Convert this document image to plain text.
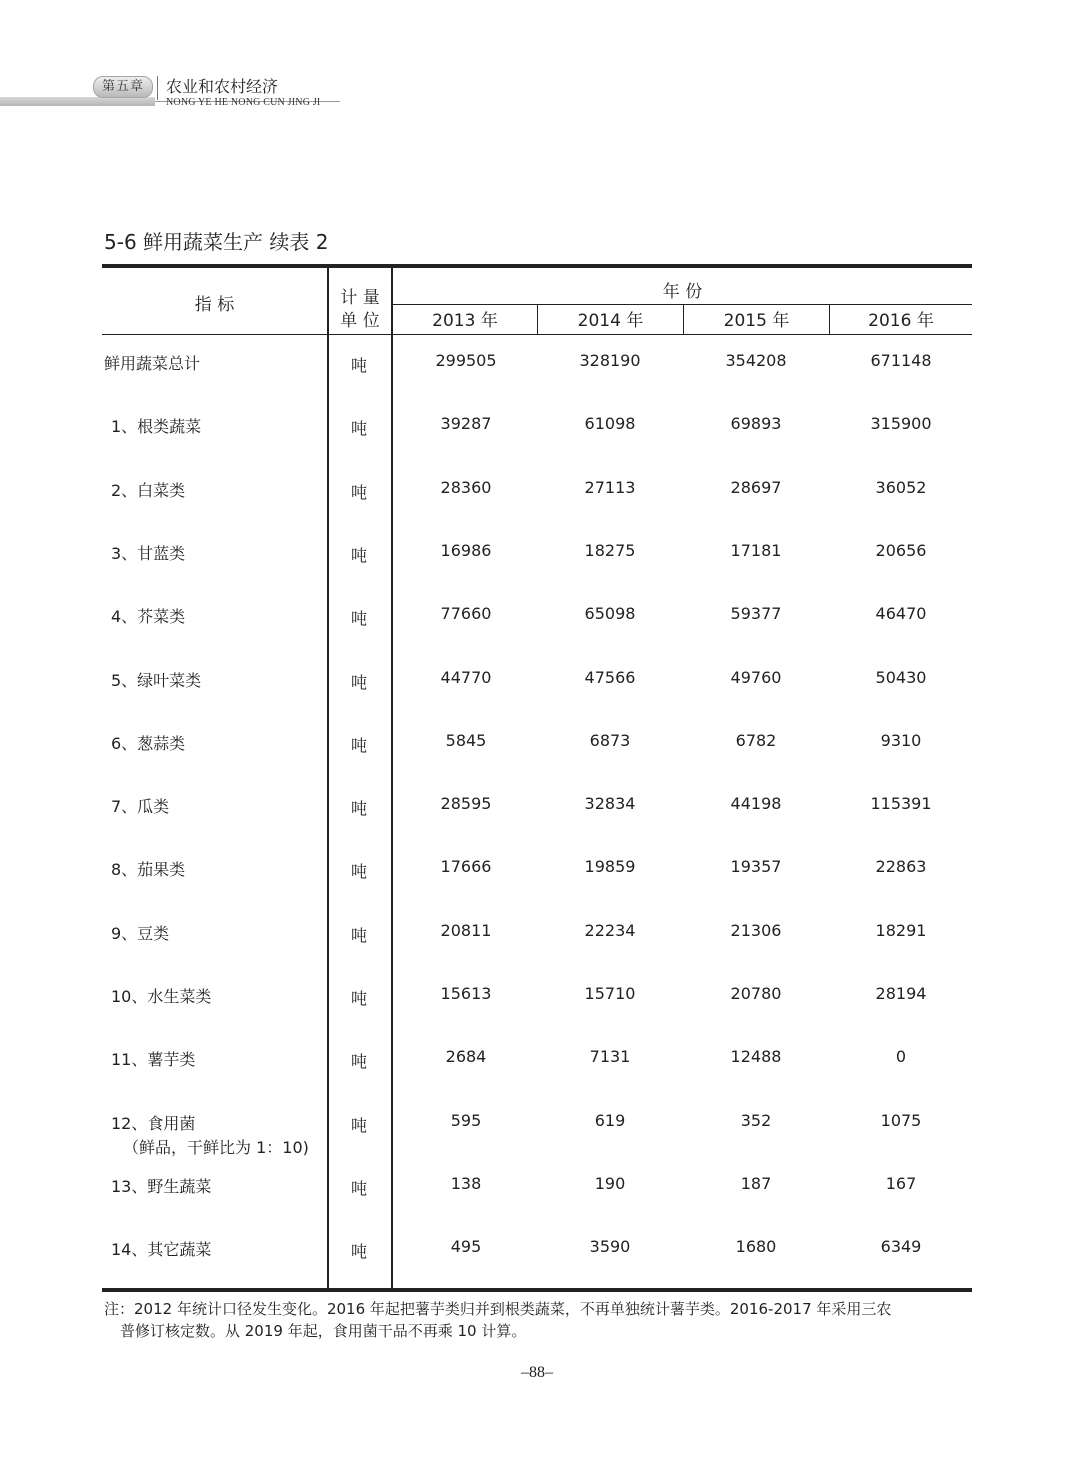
第五章	农业和农村经济
NONG YE HE NONG CUN JING JI
5-6 鲜用蔬菜生产 续表 2
指 标	计 量
单 位
年 份
2013 年	2014 年	2015 年	2016 年
鲜用蔬菜总计	吨	299505	328190	354208	671148
1、根类蔬菜	吨	39287	61098	69893	315900
2、白菜类	吨	28360	27113	28697	36052
3、甘蓝类	吨	16986	18275	17181	20656
4、芥菜类	吨	77660	65098	59377	46470
5、绿叶菜类	吨	44770	47566	49760	50430
6、葱蒜类	吨	5845	6873	6782	9310
7、瓜类	吨	28595	32834	44198	115391
8、茄果类	吨	17666	19859	19357	22863
9、豆类	吨	20811	22234	21306	18291
10、水生菜类	吨	15613	15710	20780	28194
11、薯芋类	吨	2684	7131	12488	0
12、食用菌
（鲜品，干鲜比为 1：10)
吨	595	619	352	1075
13、野生蔬菜	吨	138	190	187	167
14、其它蔬菜	吨	495	3590	1680	6349
注：2012 年统计口径发生变化。2016 年起把薯芋类归并到根类蔬菜，不再单独统计薯芋类。2016-2017 年采用三农
普修订核定数。从 2019 年起，食用菌干品不再乘 10 计算。
–88–
